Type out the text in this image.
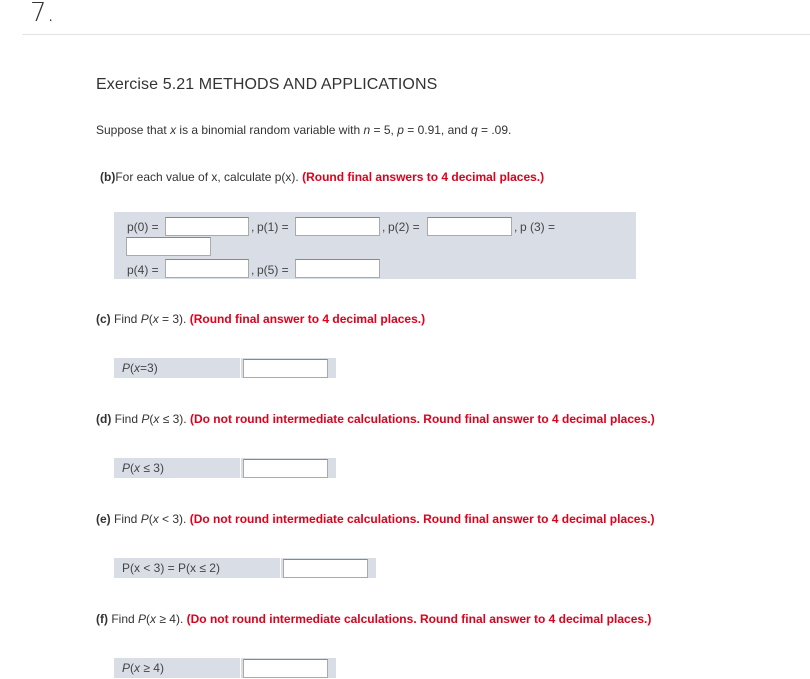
7.
Exercise 5.21 METHODS AND APPLICATIONS
Suppose that x is a binomial random variable with n = 5, p = 0.91, and q = .09.
(b)For each value of x, calculate p(x). (Round final answers to 4 decimal places.)
p(0) =	, p(1) =	, p(2) =	, p (3) =
p(4) =	, p(5) =
(c) Find P(x = 3). (Round final answer to 4 decimal places.)
P(x=3)
(d) Find P(x ≤ 3). (Do not round intermediate calculations. Round final answer to 4 decimal places.)
P(x ≤ 3)
(e) Find P(x < 3). (Do not round intermediate calculations. Round final answer to 4 decimal places.)
P(x < 3) = P(x ≤ 2)
(f) Find P(x ≥ 4). (Do not round intermediate calculations. Round final answer to 4 decimal places.)
P(x ≥ 4)
